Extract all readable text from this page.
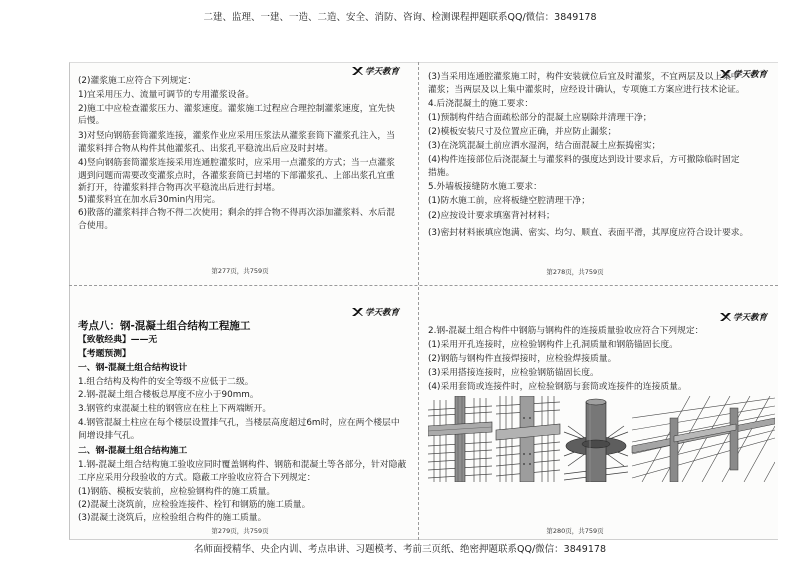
二建、监理、一建、一造、二造、安全、消防、咨询、检测课程押题联系QQ/微信：3849178
学天教育
(2)灌浆施工应符合下列规定：
1)宜采用压力、流量可调节的专用灌浆设备。
2)施工中应检查灌浆压力、灌浆速度。灌浆施工过程应合理控制灌浆速度，宜先快
后慢。
3)对竖向钢筋套筒灌浆连接，灌浆作业应采用压浆法从灌浆套筒下灌浆孔注入，当
灌浆料拌合物从构件其他灌浆孔、出浆孔平稳流出后应及时封堵。
4)竖向钢筋套筒灌浆连接采用连通腔灌浆时，应采用一点灌浆的方式；当一点灌浆
遇到问题而需要改变灌浆点时，各灌浆套筒已封堵的下部灌浆孔、上部出浆孔宜重
新打开，待灌浆料拌合物再次平稳流出后进行封堵。
5)灌浆料宜在加水后30min内用完。
6)散落的灌浆料拌合物不得二次使用；剩余的拌合物不得再次添加灌浆料、水后混
合使用。
第277页，共759页
学天教育
(3)当采用连通腔灌浆施工时，构件安装就位后宜及时灌浆，不宜两层及以上集中
灌浆；当两层及以上集中灌浆时，应经设计确认，专项施工方案应进行技术论证。
4.后浇混凝土的施工要求：
(1)预制构件结合面疏松部分的混凝土应剔除并清理干净；
(2)模板安装尺寸及位置应正确，并应防止漏浆；
(3)在浇筑混凝土前应洒水湿润，结合面混凝土应振捣密实；
(4)构件连接部位后浇混凝土与灌浆料的强度达到设计要求后，方可撤除临时固定
措施。
5.外墙板接缝防水施工要求：
(1)防水施工前，应将板缝空腔清理干净；
(2)应按设计要求填塞背衬材料；
(3)密封材料嵌填应饱满、密实、均匀、顺直、表面平滑，其厚度应符合设计要求。
第278页，共759页
学天教育
考点八：钢-混凝土组合结构工程施工
【致敬经典】——无
【考题预测】
一、钢-混凝土组合结构设计
1.组合结构及构件的安全等级不应低于二级。
2.钢-混凝土组合楼板总厚度不应小于90mm。
3.钢管约束混凝土柱的钢管应在柱上下两端断开。
4.钢管混凝土柱应在每个楼层设置排气孔，当楼层高度超过6m时，应在两个楼层中
间增设排气孔。
二、钢-混凝土组合结构施工
1.钢-混凝土组合结构施工验收应同时覆盖钢构件、钢筋和混凝土等各部分，针对隐蔽
工序应采用分段验收的方式。隐蔽工序验收应符合下列规定：
(1)钢筋、模板安装前，应检验钢构件的施工质量。
(2)混凝土浇筑前，应检验连接件、栓钉和钢筋的施工质量。
(3)混凝土浇筑后，应检验组合构件的施工质量。
第279页，共759页
学天教育
2.钢-混凝土组合构件中钢筋与钢构件的连接质量验收应符合下列规定：
(1)采用开孔连接时，应检验钢构件上孔洞质量和钢筋锚固长度。
(2)钢筋与钢构件直接焊接时，应检验焊接质量。
(3)采用搭接连接时，应检验钢筋锚固长度。
(4)采用套筒或连接件时，应检验钢筋与套筒或连接件的连接质量。
第280页，共759页
名师面授精华、央企内训、考点串讲、习题模考、考前三页纸、绝密押题联系QQ/微信：3849178
